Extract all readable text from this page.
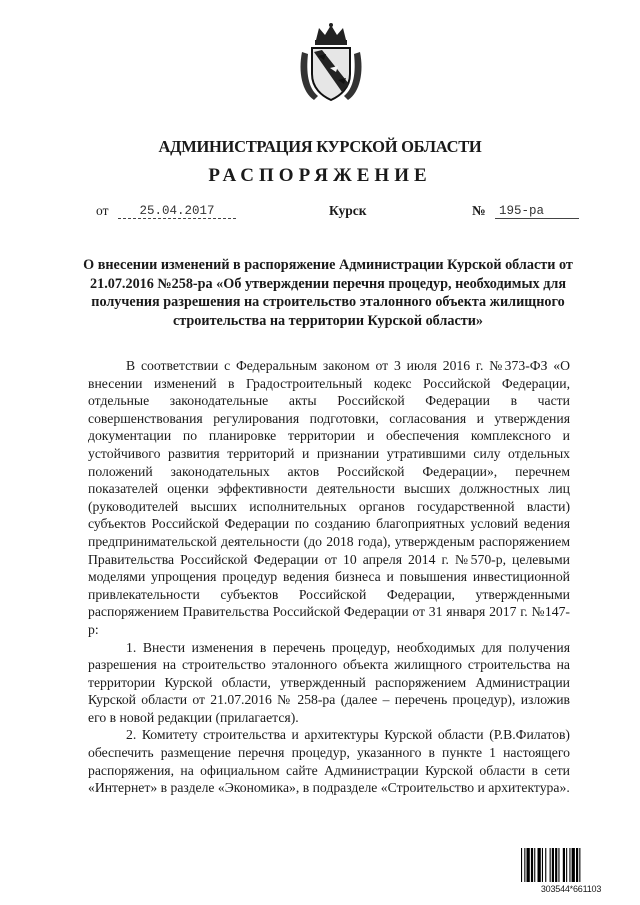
АДМИНИСТРАЦИЯ КУРСКОЙ ОБЛАСТИ
РАСПОРЯЖЕНИЕ
от	25.04.2017	Курск	№	195-ра
О внесении изменений в распоряжение Администрации Курской области от 21.07.2016 №258-ра «Об утверждении перечня процедур, необходимых для получения разрешения на строительство эталонного объекта жилищного строительства на территории Курской области»

В соответствии с Федеральным законом от 3 июля 2016 г. №373-ФЗ «О внесении изменений в Градостроительный кодекс Российской Федерации, отдельные законодательные акты Российской Федерации в части совершенствования регулирования подготовки, согласования и утверждения документации по планировке территории и обеспечения комплексного и устойчивого развития территорий и признании утратившими силу отдельных положений законодательных актов Российской Федерации», перечнем показателей оценки эффективности деятельности высших должностных лиц (руководителей высших исполнительных органов государственной власти) субъектов Российской Федерации по созданию благоприятных условий ведения предпринимательской деятельности (до 2018 года), утвержденым распоряжением Правительства Российской Федерации от 10 апреля 2014 г. №570-р, целевыми моделями упрощения процедур ведения бизнеса и повышения инвестиционной привлекательности субъектов Российской Федерации, утвержденными распоряжением Правительства Российской Федерации от 31 января 2017 г. №147-р:

1. Внести изменения в перечень процедур, необходимых для получения разрешения на строительство эталонного объекта жилищного строительства на территории Курской области, утвержденный распоряжением Администрации Курской области от 21.07.2016 № 258-ра (далее – перечень процедур), изложив его в новой редакции (прилагается).

2. Комитету строительства и архитектуры Курской области (Р.В.Филатов) обеспечить размещение перечня процедур, указанного в пункте 1 настоящего распоряжения, на официальном сайте Администрации Курской области в сети «Интернет» в разделе «Экономика», в подразделе «Строительство и архитектура».

303544*661103
